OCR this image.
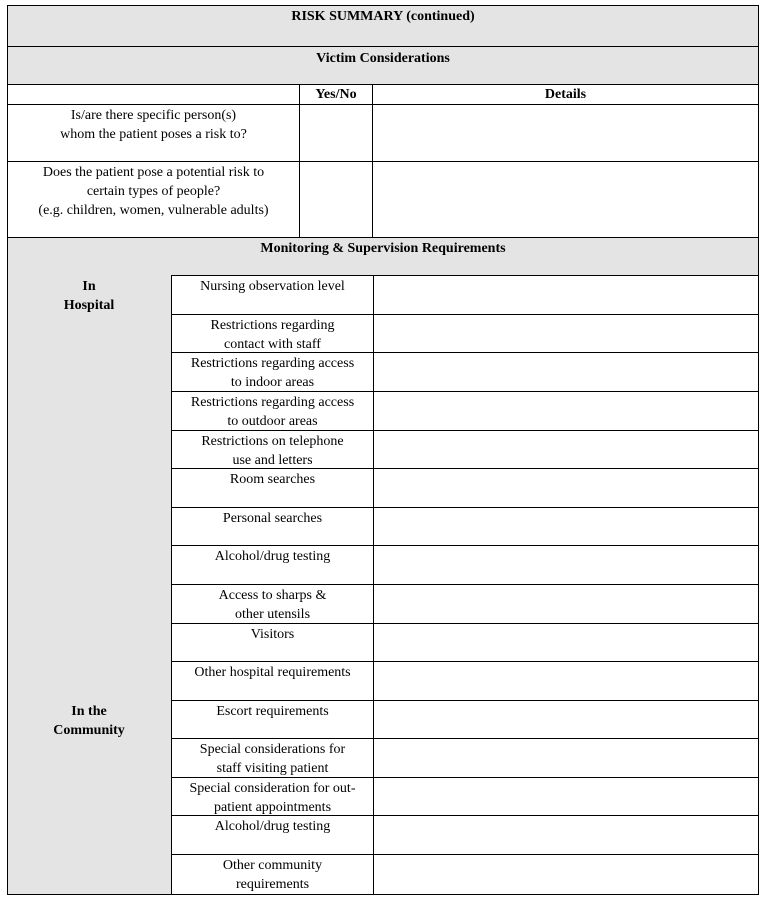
RISK SUMMARY (continued)
Victim Considerations
Yes/No	Details
Is/are there specific person(s)
whom the patient poses a risk to?
Does the patient pose a potential risk to
certain types of people?
(e.g. children, women, vulnerable adults)
Monitoring & Supervision Requirements
In
Hospital
In the
Community
Nursing observation level
Restrictions regarding
contact with staff
Restrictions regarding access
to indoor areas
Restrictions regarding access
to outdoor areas
Restrictions on telephone
use and letters
Room searches
Personal searches
Alcohol/drug testing
Access to sharps &
other utensils
Visitors
Other hospital requirements
Escort requirements
Special considerations for
staff visiting patient
Special consideration for out-
patient appointments
Alcohol/drug testing
Other community
requirements
